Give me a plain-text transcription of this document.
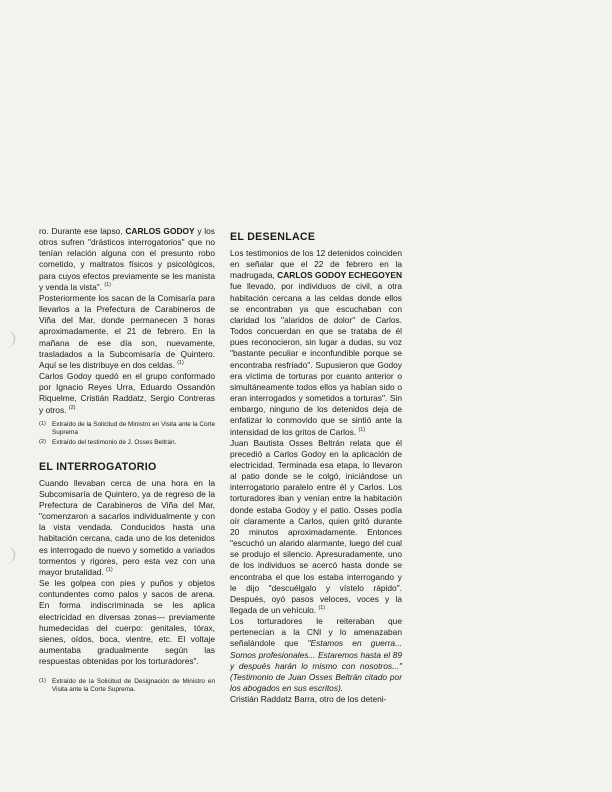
ro. Durante ese lapso, CARLOS GODOY y los otros sufren "drásticos interrogatorios" que no tenían relación alguna con el presunto robo cometido, y maltratos físicos y psicológicos, para cuyos efectos previamente se les manista y venda la vista". $^{(1)}$

Posteriormente los sacan de la Comisaría para llevarlos a la Prefectura de Carabineros de Viña del Mar, donde permanecen 3 horas aproximadamente, el 21 de febrero. En la mañana de ese día son, nuevamente, trasladados a la Subcomisaría de Quintero. Aquí se les distribuye en dos celdas. $^{(1)}$

Carlos Godoy quedó en el grupo conformado por Ignacio Reyes Urra, Eduardo Ossandón Riquelme, Cristián Raddatz, Sergio Contreras y otros. $^{(2)}$

(1) Extraído de la Solicitud de Ministro en Visita ante la Corte Suprema
(2) Extraído del testimonio de J. Osses Beltrán.
EL INTERROGATORIO

Cuando llevaban cerca de una hora en la Subcomisaría de Quintero, ya de regreso de la Prefectura de Carabineros de Viña del Mar, "comenzaron a sacarlos individualmente y con la vista vendada. Conducidos hasta una habitación cercana, cada uno de los detenidos es interrogado de nuevo y sometido a variados tormentos y rigores, pero esta vez con una mayor brutalidad. $^{(1)}$

Se les golpea con pies y puños y objetos contundentes como palos y sacos de arena. En forma indiscriminada se les aplica electricidad en diversas zonas— previamente humedecidas del cuerpo: genitales, tórax, sienes, oídos, boca, vientre, etc. El voltaje aumentaba gradualmente según las respuestas obtenidas por los torturadores".

(1) Extraído de la Solicitud de Designación de Ministro en Visita ante la Corte Suprema.
EL DESENLACE

Los testimonios de los 12 detenidos coinciden en señalar que el 22 de febrero en la madrugada, CARLOS GODOY ECHEGOYEN fue llevado, por individuos de civil, a otra habitación cercana a las celdas donde ellos se encontraban ya que escuchaban con claridad los "alaridos de dolor" de Carlos. Todos concuerdan en que se trataba de él pues reconocieron, sin lugar a dudas, su voz "bastante peculiar e inconfundible porque se encontraba resfriado". Supusieron que Godoy era víctima de torturas por cuanto anterior o simultáneamente todos ellos ya habían sido o eran interrogados y sometidos a torturas". Sin embargo, ninguno de los detenidos deja de enfatizar lo conmovido que se sintió ante la intensidad de los gritos de Carlos. $^{(1)}$

Juan Bautista Osses Beltrán relata que él precedió a Carlos Godoy en la aplicación de electricidad. Terminada esa etapa, lo llevaron al patio donde se le colgó, iniciándose un interrogatorio paralelo entre él y Carlos. Los torturadores iban y venían entre la habitación donde estaba Godoy y el patio. Osses podía oír claramente a Carlos, quien gritó durante 20 minutos aproximadamente. Entonces "escuchó un alarido alarmante, luego del cual se produjo el silencio. Apresuradamente, uno de los individuos se acercó hasta donde se encontraba el que los estaba interrogando y le dijo "descuélgalo y vístelo rápido". Después, oyó pasos veloces, voces y la llegada de un vehículo. $^{(1)}$

Los torturadores le reiteraban que pertenecían a la CNI y lo amenazaban señalándole que "Estamos en guerra... Somos profesionales... Estaremos hasta el 89 y después harán lo mismo con nosotros..." (Testimonio de Juan Osses Beltrán citado por los abogados en sus escritos).

Cristián Raddatz Barra, otro de los deteni-
